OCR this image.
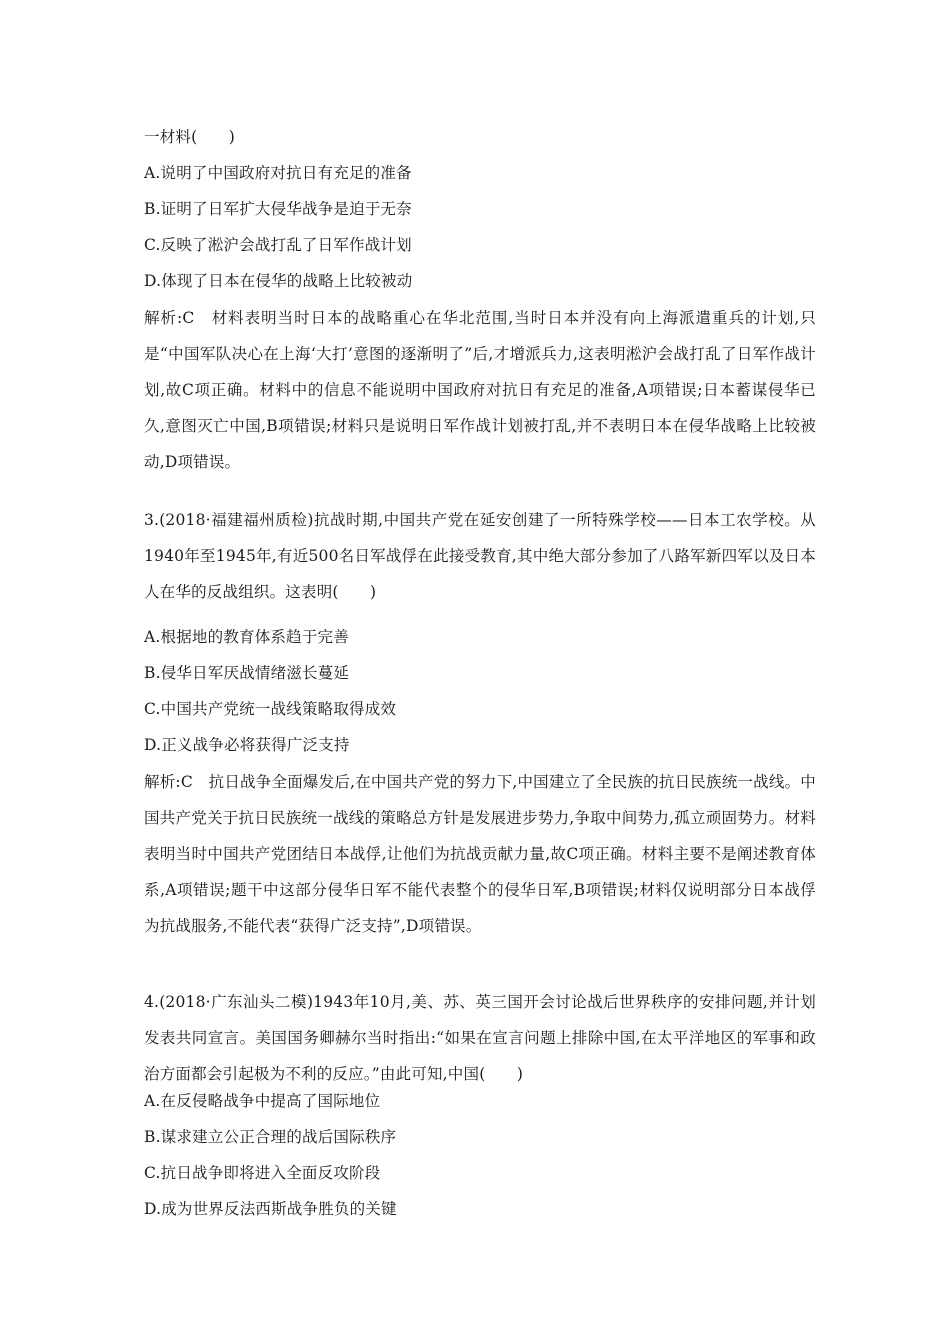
一材料(　　)
A.说明了中国政府对抗日有充足的准备
B.证明了日军扩大侵华战争是迫于无奈
C.反映了淞沪会战打乱了日军作战计划
D.体现了日本在侵华的战略上比较被动
解析:C　材料表明当时日本的战略重心在华北范围,当时日本并没有向上海派遣重兵的计划,只是“中国军队决心在上海‘大打’意图的逐渐明了”后,才增派兵力,这表明淞沪会战打乱了日军作战计划,故C项正确。材料中的信息不能说明中国政府对抗日有充足的准备,A项错误;日本蓄谋侵华已久,意图灭亡中国,B项错误;材料只是说明日军作战计划被打乱,并不表明日本在侵华战略上比较被动,D项错误。
3.(2018·福建福州质检)抗战时期,中国共产党在延安创建了一所特殊学校——日本工农学校。从1940年至1945年,有近500名日军战俘在此接受教育,其中绝大部分参加了八路军新四军以及日本人在华的反战组织。这表明(　　)
A.根据地的教育体系趋于完善
B.侵华日军厌战情绪滋长蔓延
C.中国共产党统一战线策略取得成效
D.正义战争必将获得广泛支持
解析:C　抗日战争全面爆发后,在中国共产党的努力下,中国建立了全民族的抗日民族统一战线。中国共产党关于抗日民族统一战线的策略总方针是发展进步势力,争取中间势力,孤立顽固势力。材料表明当时中国共产党团结日本战俘,让他们为抗战贡献力量,故C项正确。材料主要不是阐述教育体系,A项错误;题干中这部分侵华日军不能代表整个的侵华日军,B项错误;材料仅说明部分日本战俘为抗战服务,不能代表“获得广泛支持”,D项错误。
4.(2018·广东汕头二模)1943年10月,美、苏、英三国开会讨论战后世界秩序的安排问题,并计划发表共同宣言。美国国务卿赫尔当时指出:“如果在宣言问题上排除中国,在太平洋地区的军事和政治方面都会引起极为不利的反应。”由此可知,中国(　　)
A.在反侵略战争中提高了国际地位
B.谋求建立公正合理的战后国际秩序
C.抗日战争即将进入全面反攻阶段
D.成为世界反法西斯战争胜负的关键
